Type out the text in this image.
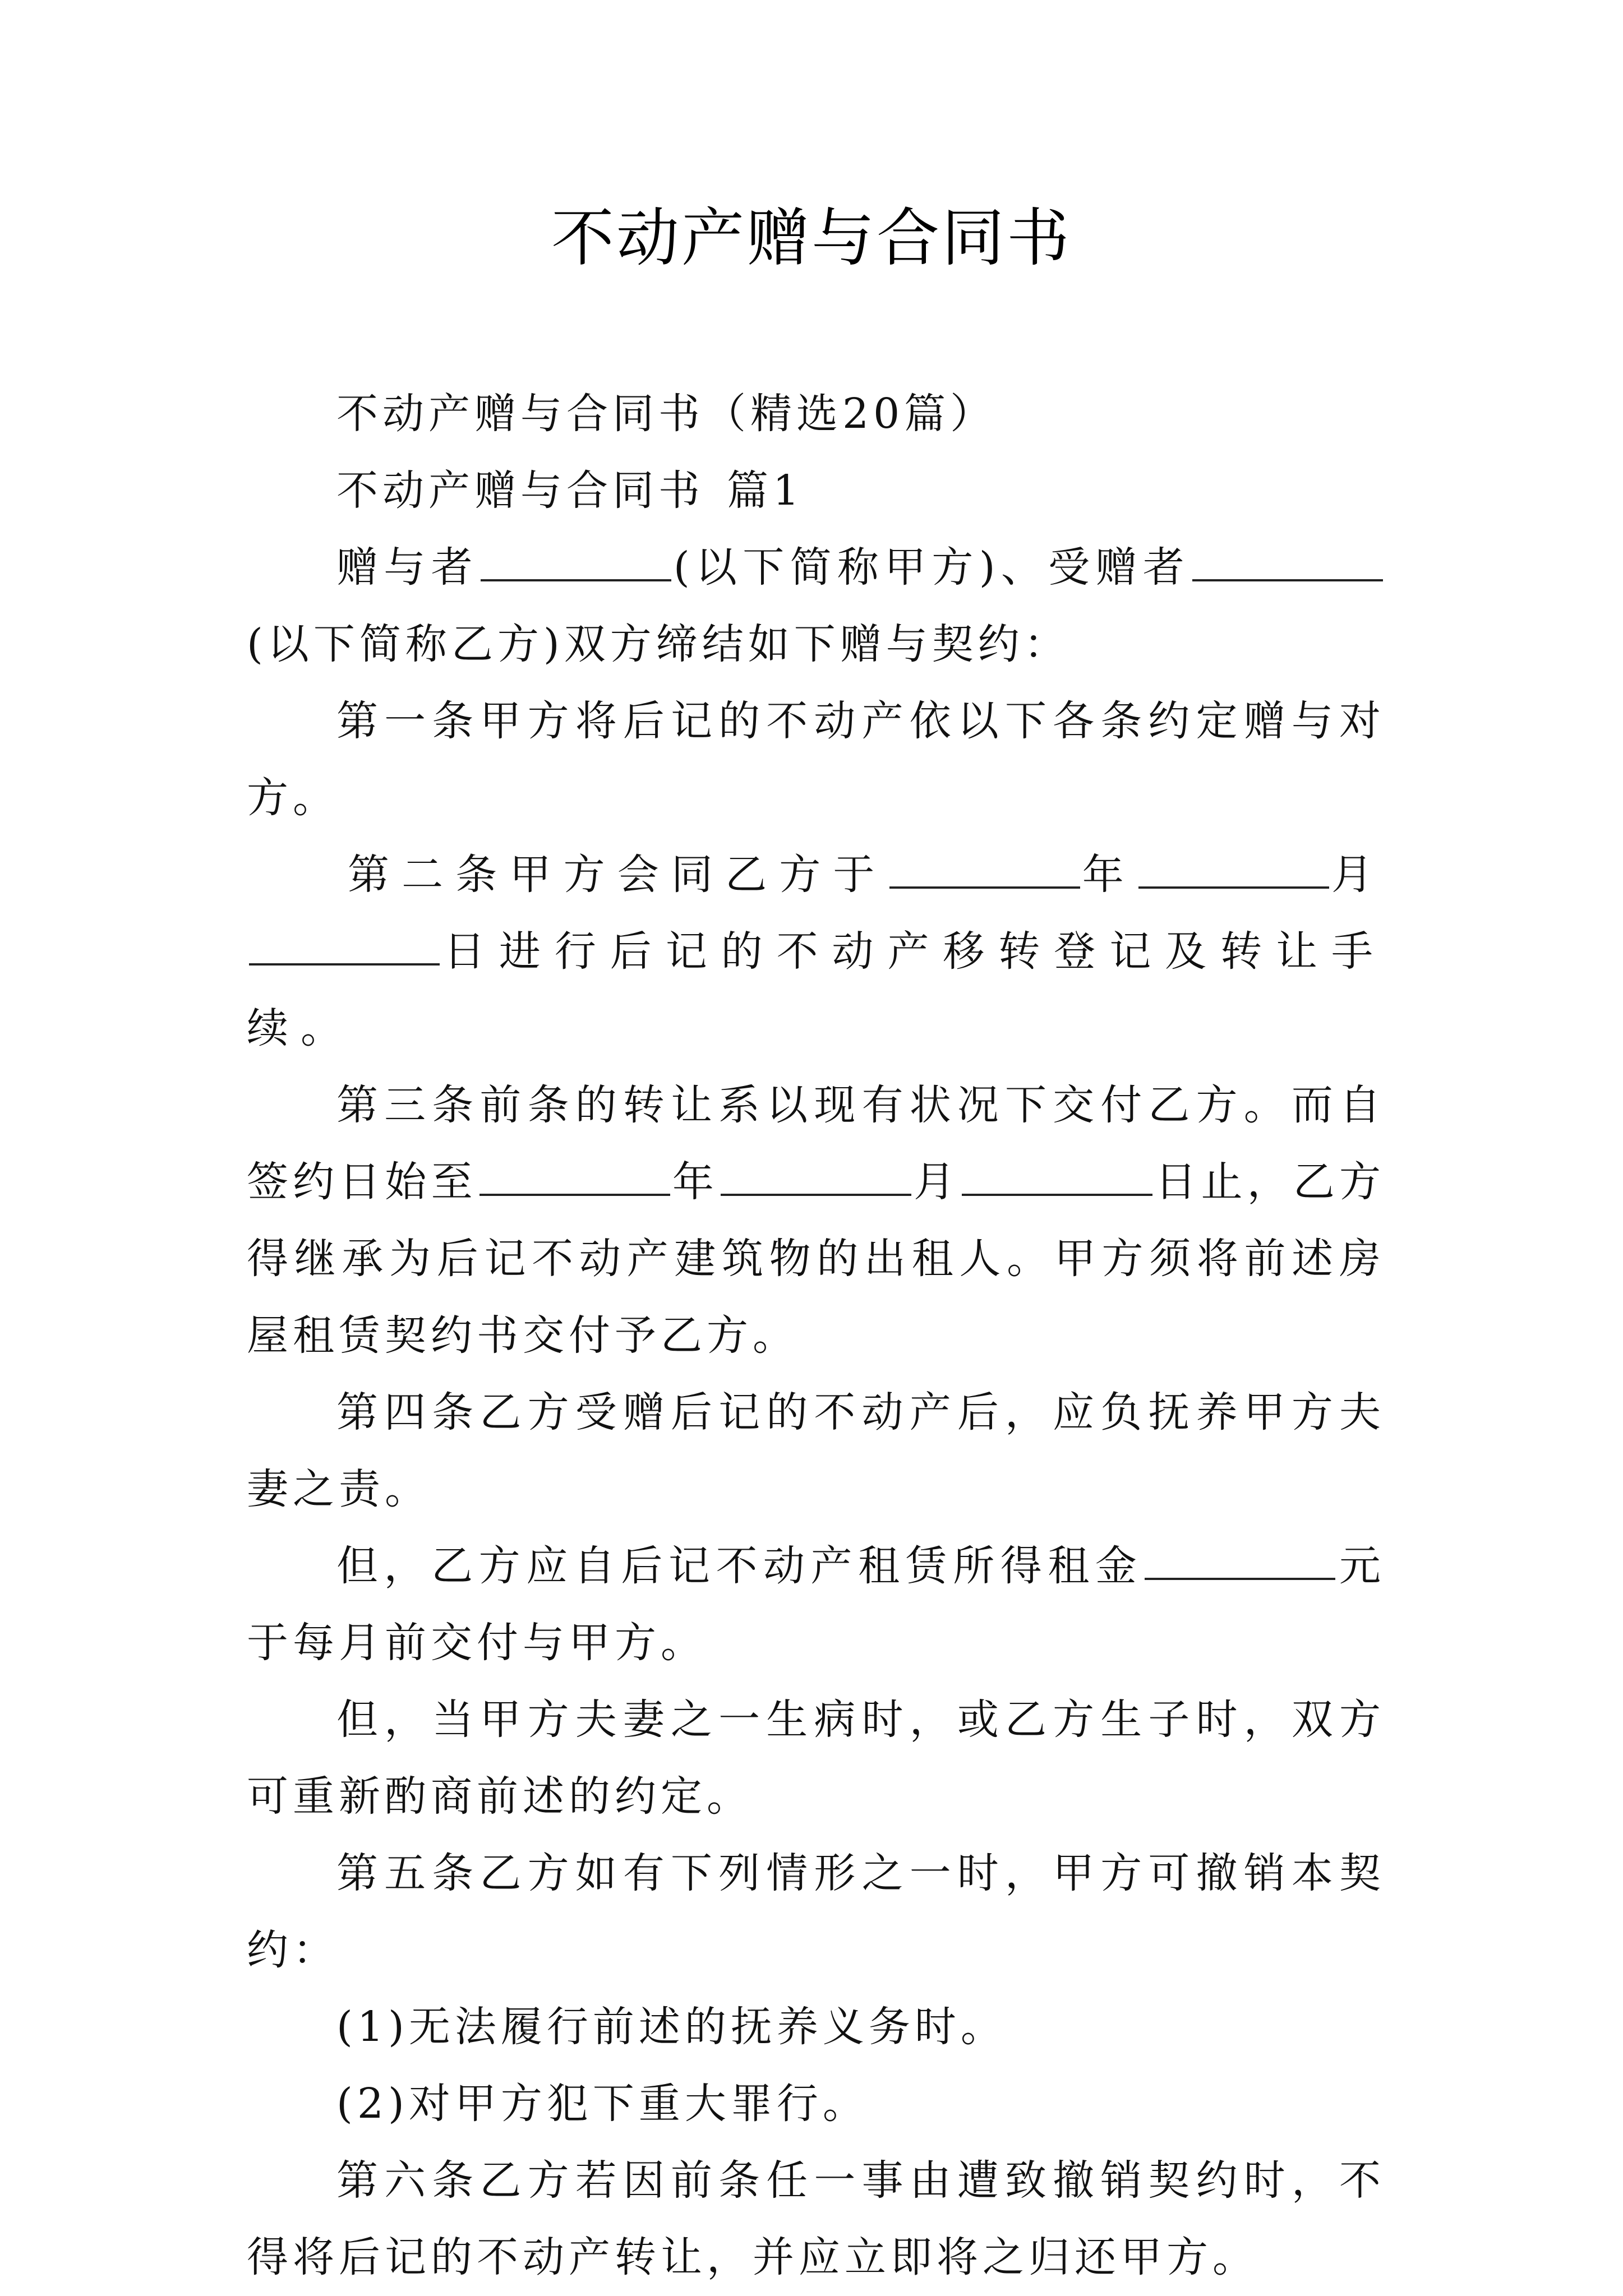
不动产赠与合同书

不动产赠与合同书（精选20篇）

不动产赠与合同书 篇1

赠与者	(以下简称甲方)、受赠者(以下简称乙方)双方缔结如下赠与契约：

第一条甲方将后记的不动产依以下各条约定赠与对方。

第二条甲方会同乙方于	年	月日进行后记的不动产移转登记及转让手续。

第三条前条的转让系以现有状况下交付乙方。而自签约日始至	年	月	日止，乙方得继承为后记不动产建筑物的出租人。甲方须将前述房屋租赁契约书交付予乙方。

第四条乙方受赠后记的不动产后，应负抚养甲方夫妻之责。

但，乙方应自后记不动产租赁所得租金	元于每月前交付与甲方。

但，当甲方夫妻之一生病时，或乙方生子时，双方可重新酌商前述的约定。

第五条乙方如有下列情形之一时，甲方可撤销本契约：

(1)无法履行前述的抚养义务时。

(2)对甲方犯下重大罪行。

第六条乙方若因前条任一事由遭致撤销契约时，不得将后记的不动产转让，并应立即将之归还甲方。
